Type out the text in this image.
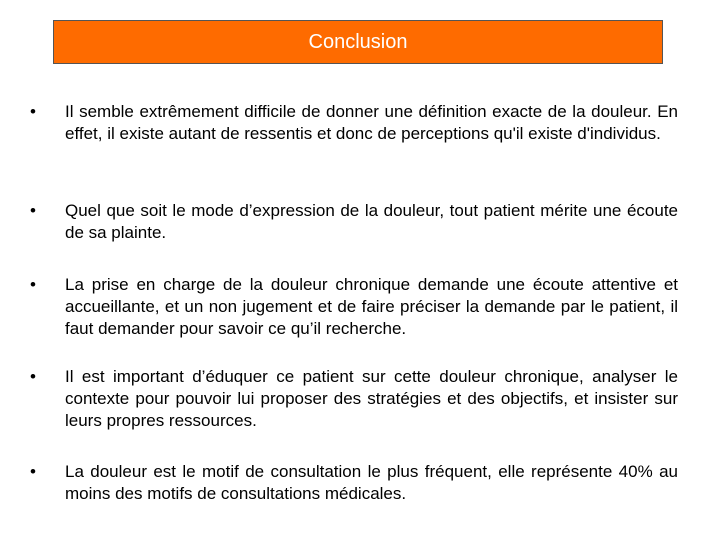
Conclusion
•	Il semble extrêmement difficile de donner une définition exacte de la douleur. En effet, il existe autant de ressentis et donc de perceptions qu'il existe d'individus.
•	Quel que soit le mode d’expression de la douleur, tout patient mérite une écoute de sa plainte.
•	La prise en charge de la douleur chronique demande une écoute attentive et accueillante, et un non jugement et de faire préciser la demande par le patient, il faut demander pour savoir ce qu’il recherche.
•	Il est important d’éduquer ce patient sur cette douleur chronique, analyser le contexte pour pouvoir lui proposer des stratégies et des objectifs, et insister sur leurs propres ressources.
•	La douleur est le motif de consultation le plus fréquent, elle représente 40% au moins des motifs de consultations médicales.
